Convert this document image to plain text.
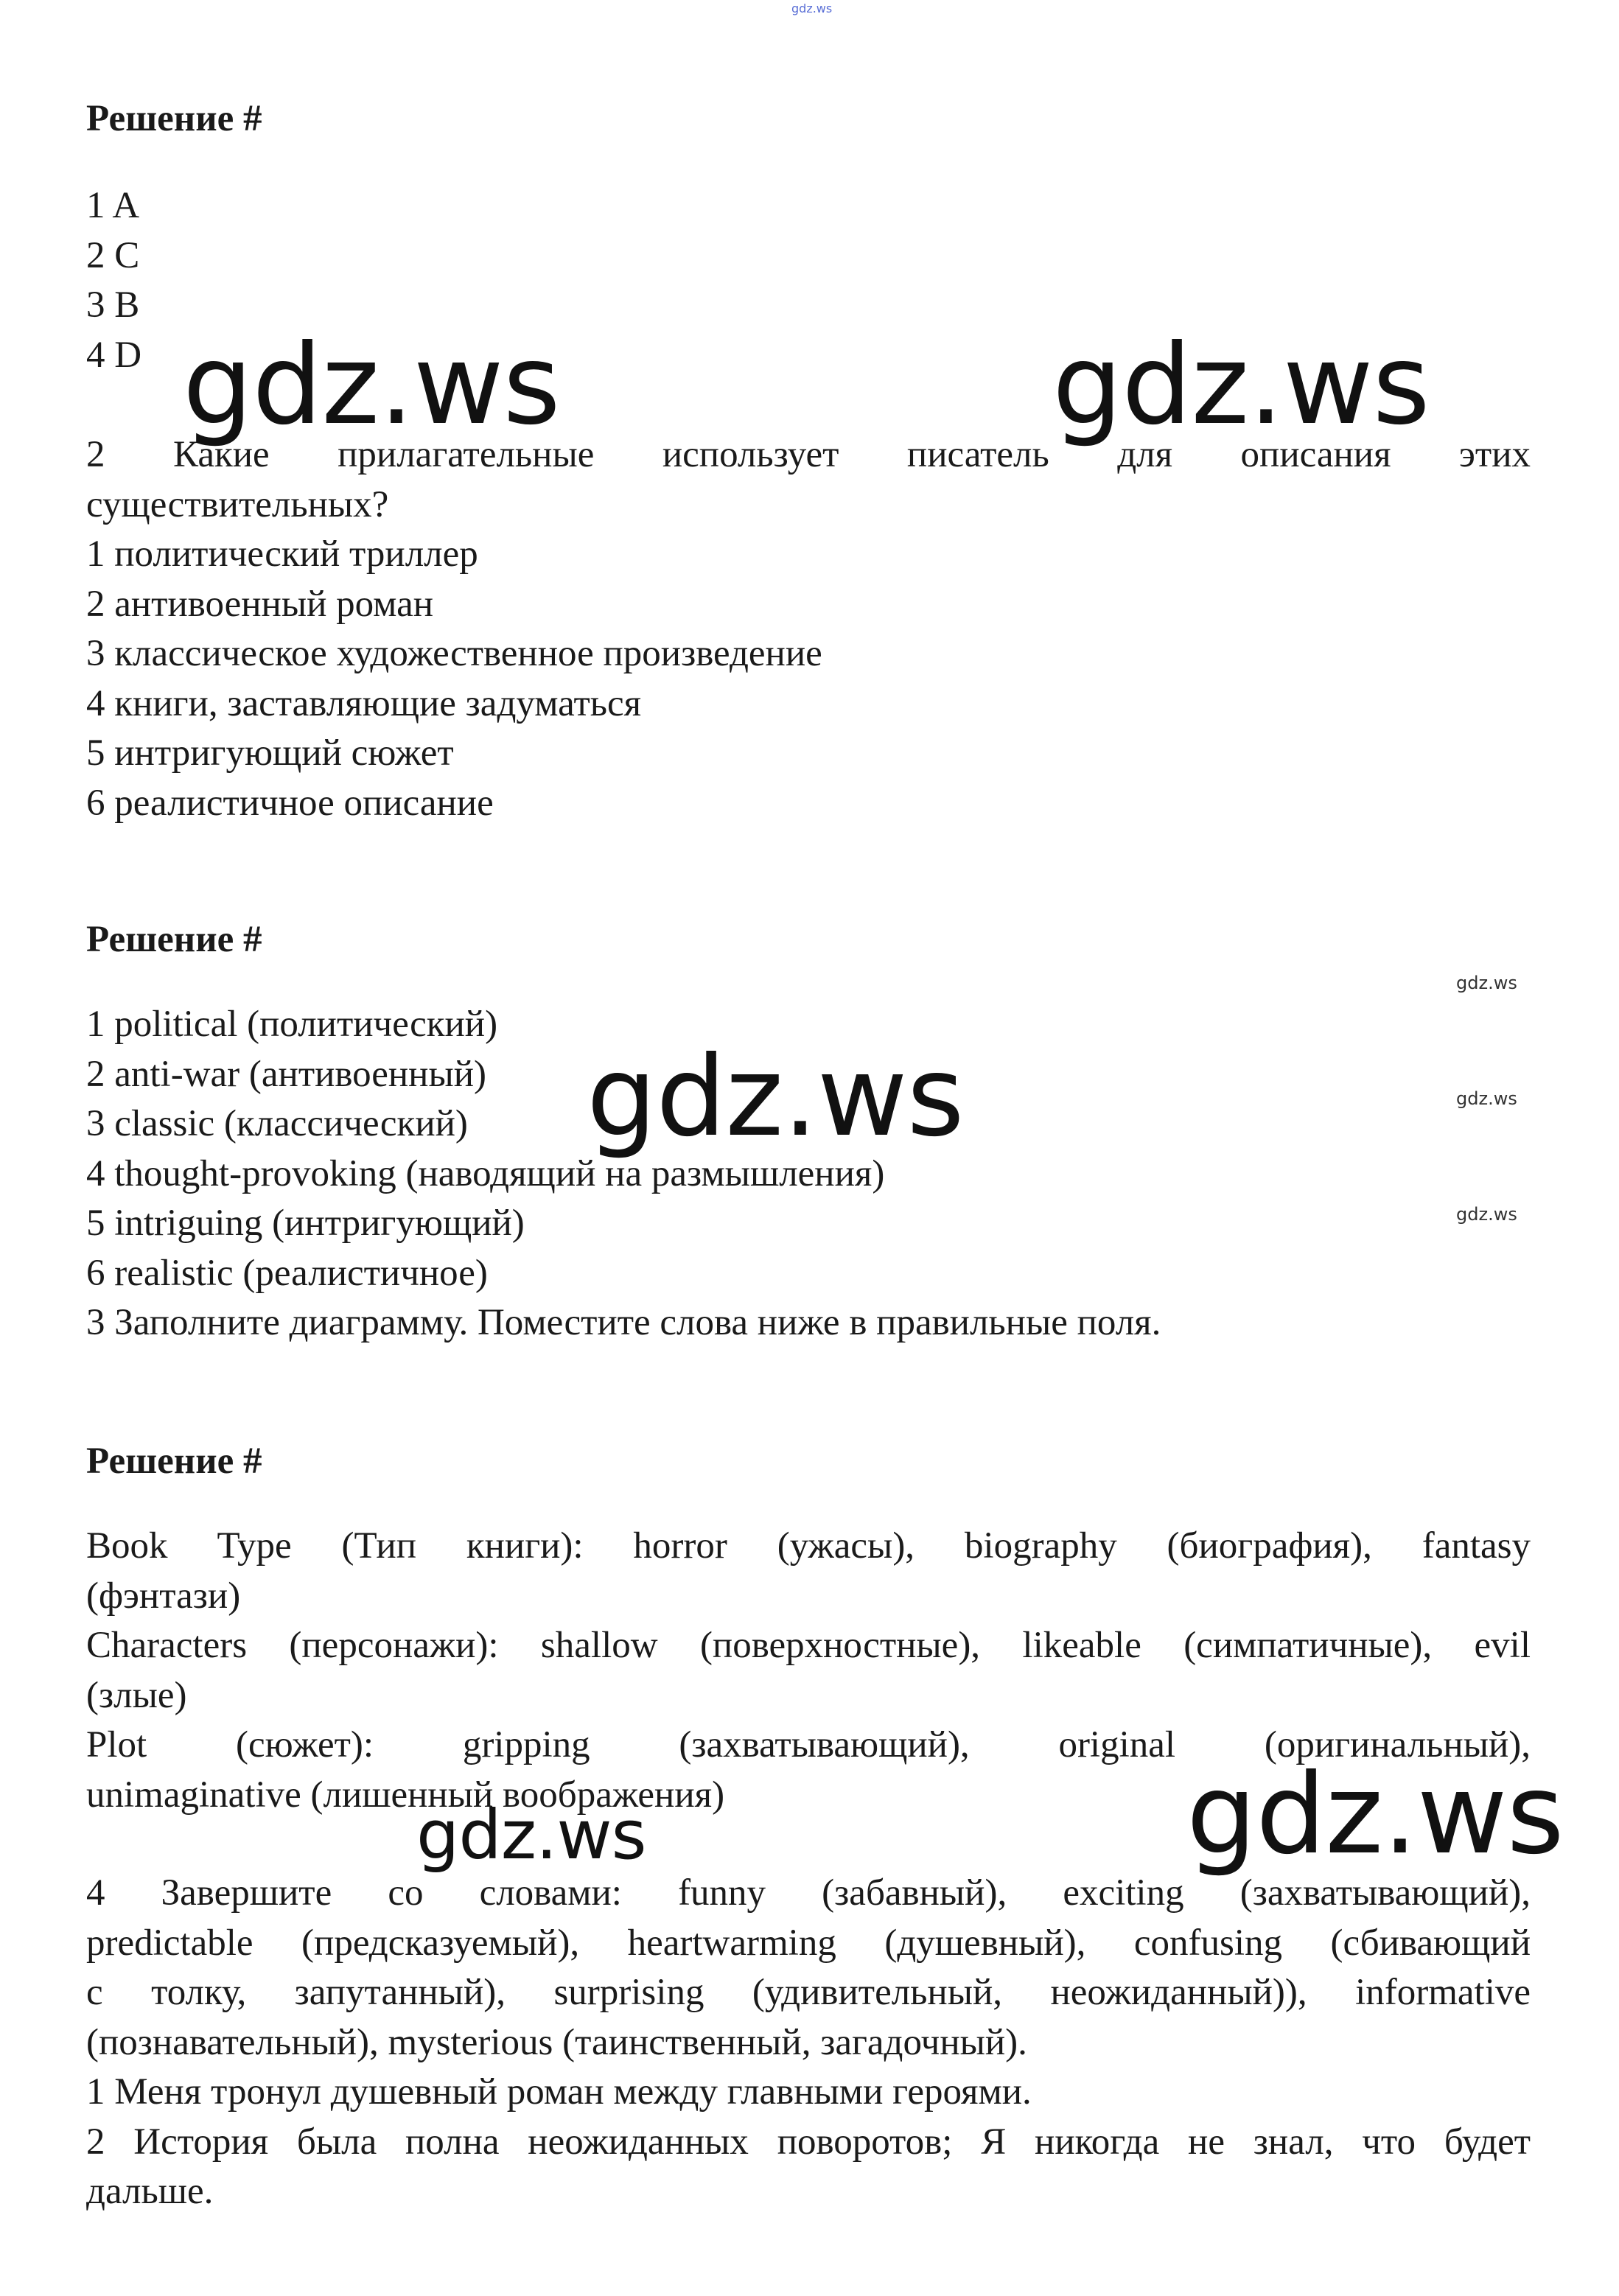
gdz.ws
Решение #
1 A
2 C
3 B
4 D
2 Какие прилагательные использует писатель для описания этих
существительных?
1 политический триллер
2 антивоенный роман
3 классическое художественное произведение
4 книги, заставляющие задуматься
5 интригующий сюжет
6 реалистичное описание
Решение #
1 political (политический)
2 anti-war (антивоенный)
3 classic (классический)
4 thought-provoking (наводящий на размышления)
5 intriguing (интригующий)
6 realistic (реалистичное)
3 Заполните диаграмму. Поместите слова ниже в правильные поля.
Решение #
Book Type (Тип книги): horror (ужасы), biography (биография), fantasy
(фэнтази)
Characters (персонажи): shallow (поверхностные), likeable (симпатичные), evil
(злые)
Plot (сюжет): gripping (захватывающий), original (оригинальный),
unimaginative (лишенный воображения)
4 Завершите со словами: funny (забавный), exciting (захватывающий),
predictable (предсказуемый), heartwarming (душевный), confusing (сбивающий
с толку, запутанный), surprising (удивительный, неожиданный)), informative
(познавательный), mysterious (таинственный, загадочный).
1 Меня тронул душевный роман между главными героями.
2 История была полна неожиданных поворотов; Я никогда не знал, что будет
дальше.
gdz.ws	gdz.ws
gdz.ws
gdz.ws
gdz.ws
gdz.ws
gdz.ws
gdz.ws
